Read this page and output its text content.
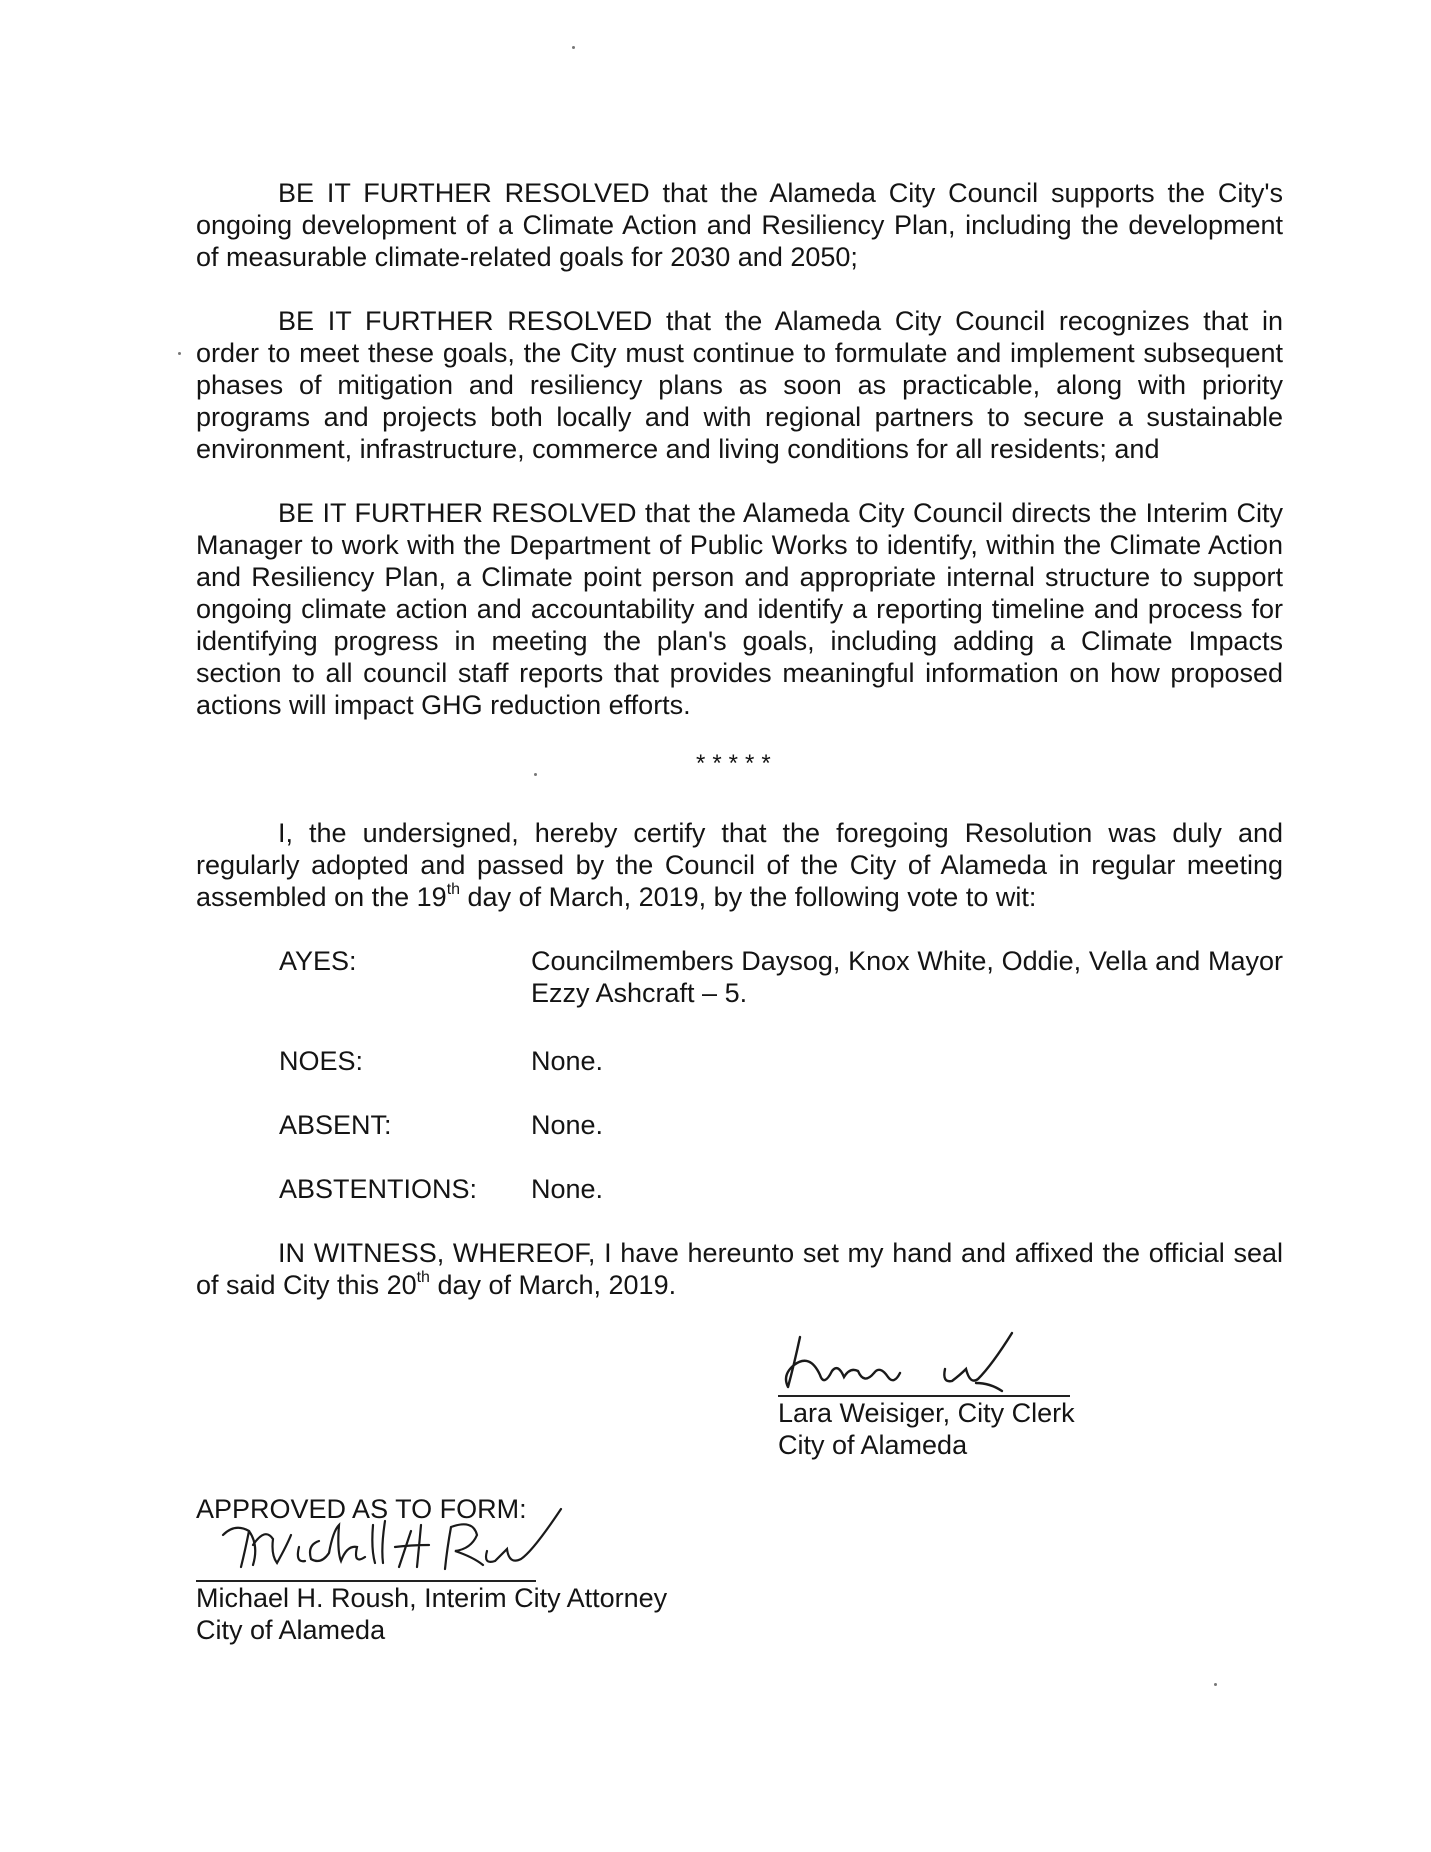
BE IT FURTHER RESOLVED that the Alameda City Council supports the City's ongoing development of a Climate Action and Resiliency Plan, including the development of measurable climate-related goals for 2030 and 2050;

BE IT FURTHER RESOLVED that the Alameda City Council recognizes that in order to meet these goals, the City must continue to formulate and implement subsequent phases of mitigation and resiliency plans as soon as practicable, along with priority programs and projects both locally and with regional partners to secure a sustainable environment, infrastructure, commerce and living conditions for all residents; and

BE IT FURTHER RESOLVED that the Alameda City Council directs the Interim City Manager to work with the Department of Public Works to identify, within the Climate Action and Resiliency Plan, a Climate point person and appropriate internal structure to support ongoing climate action and accountability and identify a reporting timeline and process for identifying progress in meeting the plan's goals, including adding a Climate Impacts section to all council staff reports that provides meaningful information on how proposed actions will impact GHG reduction efforts.

*****

I, the undersigned, hereby certify that the foregoing Resolution was duly and regularly adopted and passed by the Council of the City of Alameda in regular meeting assembled on the 19th day of March, 2019, by the following vote to wit:

AYES:	Councilmembers Daysog, Knox White, Oddie, Vella and Mayor Ezzy Ashcraft – 5.
NOES:	None.
ABSENT:	None.
ABSTENTIONS: None.

IN WITNESS, WHEREOF, I have hereunto set my hand and affixed the official seal of said City this 20th day of March, 2019.

Lara Weisiger, City Clerk
City of Alameda
APPROVED AS TO FORM:
Michael H. Roush, Interim City Attorney
City of Alameda
